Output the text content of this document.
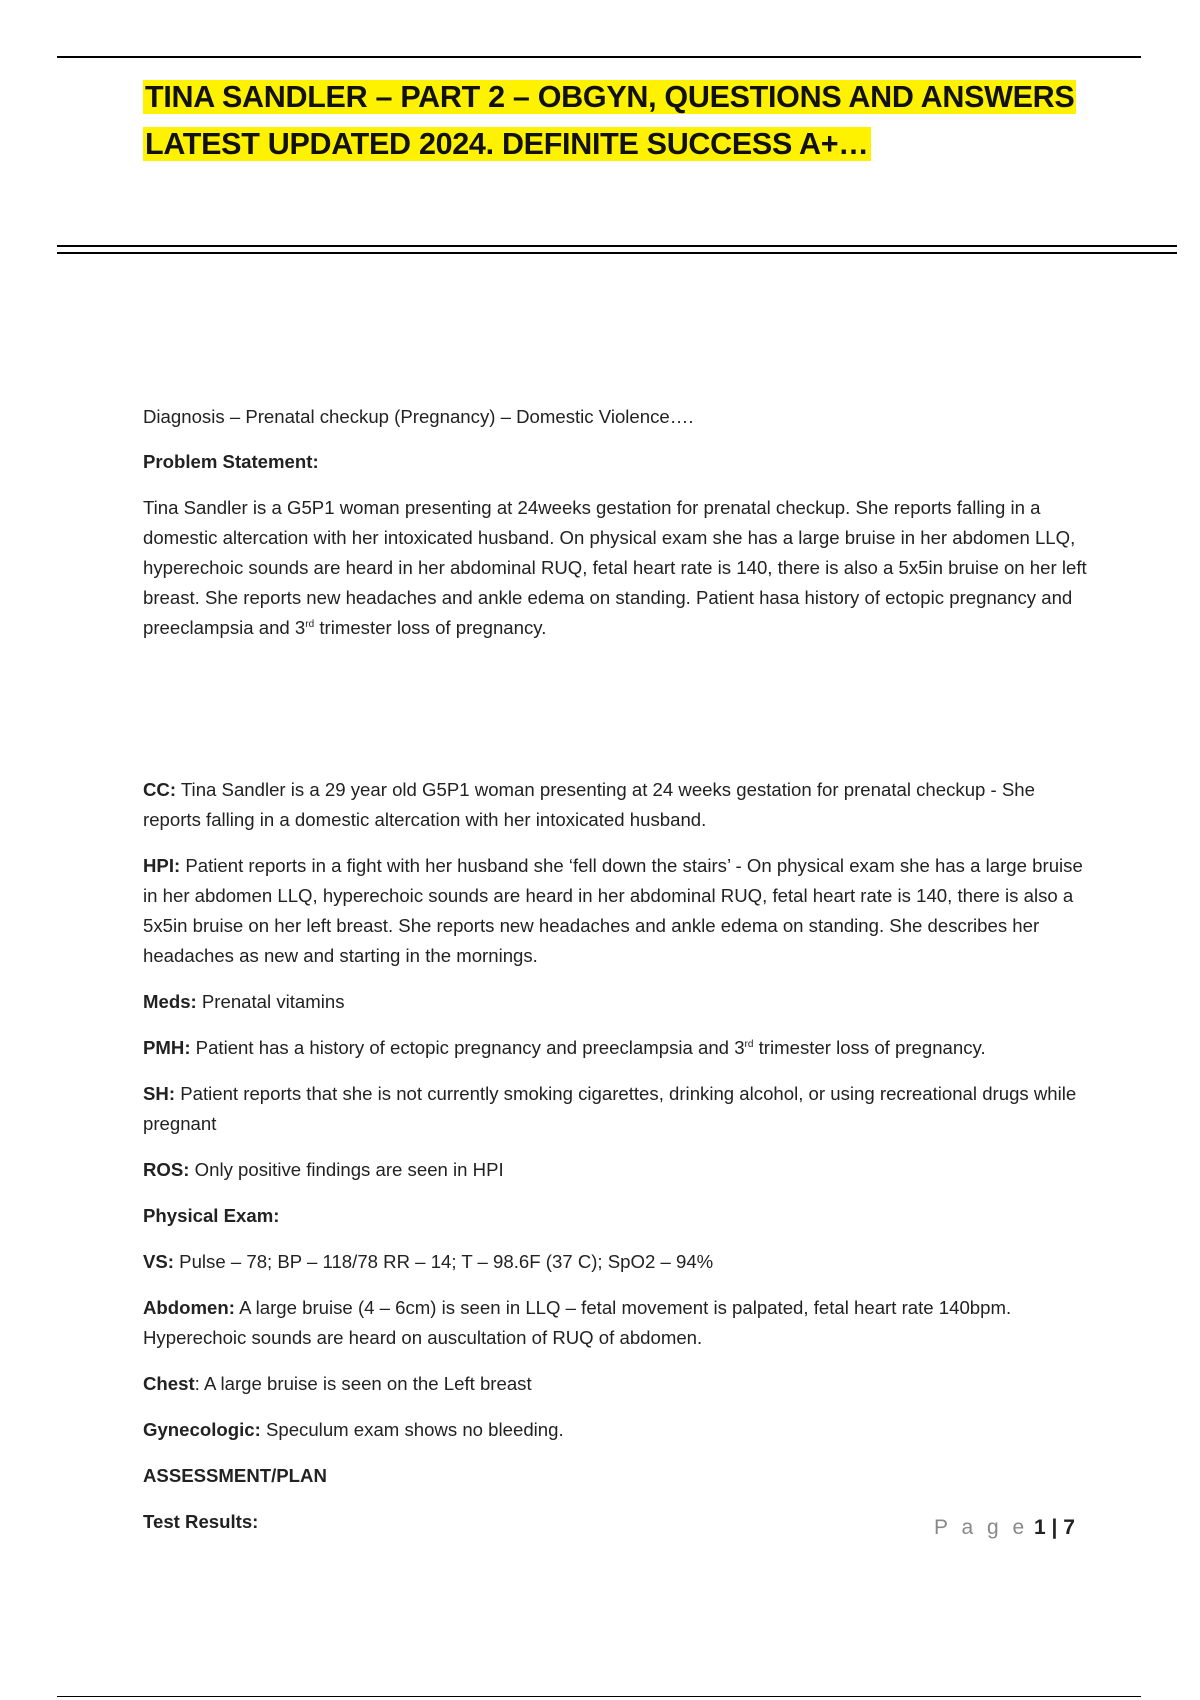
TINA SANDLER – PART 2 – OBGYN, QUESTIONS AND ANSWERS
LATEST UPDATED 2024. DEFINITE SUCCESS A+…

Diagnosis – Prenatal checkup (Pregnancy) – Domestic Violence….

Problem Statement:

Tina Sandler is a G5P1 woman presenting at 24weeks gestation for prenatal checkup. She reports falling in a domestic altercation with her intoxicated husband. On physical exam she has a large bruise in her abdomen LLQ, hyperechoic sounds are heard in her abdominal RUQ, fetal heart rate is 140, there is also a 5x5in bruise on her left breast. She reports new headaches and ankle edema on standing. Patient hasa history of ectopic pregnancy and preeclampsia and 3rd trimester loss of pregnancy.

CC: Tina Sandler is a 29 year old G5P1 woman presenting at 24 weeks gestation for prenatal checkup - She reports falling in a domestic altercation with her intoxicated husband.

HPI: Patient reports in a fight with her husband she ‘fell down the stairs’ - On physical exam she has a large bruise in her abdomen LLQ, hyperechoic sounds are heard in her abdominal RUQ, fetal heart rate is 140, there is also a 5x5in bruise on her left breast. She reports new headaches and ankle edema on standing. She describes her headaches as new and starting in the mornings.

Meds: Prenatal vitamins

PMH: Patient has a history of ectopic pregnancy and preeclampsia and 3rd trimester loss of pregnancy.

SH: Patient reports that she is not currently smoking cigarettes, drinking alcohol, or using recreational drugs while pregnant

ROS: Only positive findings are seen in HPI

Physical Exam:

VS: Pulse – 78; BP – 118/78 RR – 14; T – 98.6F (37 C); SpO2 – 94%

Abdomen: A large bruise (4 – 6cm) is seen in LLQ – fetal movement is palpated, fetal heart rate 140bpm. Hyperechoic sounds are heard on auscultation of RUQ of abdomen.

Chest: A large bruise is seen on the Left breast

Gynecologic: Speculum exam shows no bleeding.

ASSESSMENT/PLAN

Test Results:	P a g e 1 | 7
